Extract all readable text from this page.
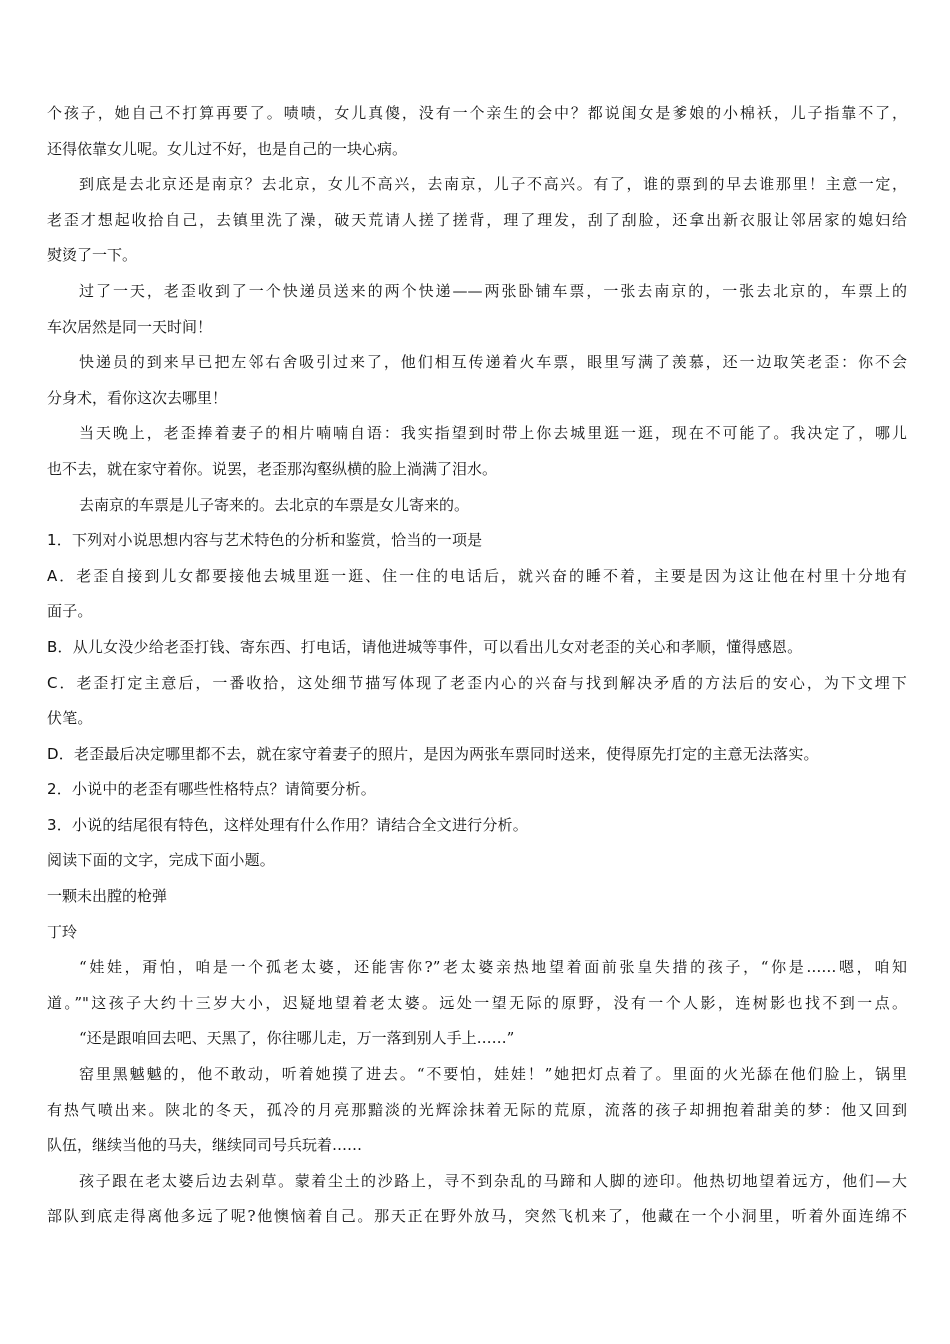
个孩子，她自己不打算再要了。啧啧，女儿真傻，没有一个亲生的会中？都说闺女是爹娘的小棉袄，儿子指靠不了，
还得依靠女儿呢。女儿过不好，也是自己的一块心病。
到底是去北京还是南京？去北京，女儿不高兴，去南京，儿子不高兴。有了，谁的票到的早去谁那里！主意一定，
老歪才想起收拾自己，去镇里洗了澡，破天荒请人搓了搓背，理了理发，刮了刮脸，还拿出新衣服让邻居家的媳妇给
熨烫了一下。
过了一天，老歪收到了一个快递员送来的两个快递——两张卧铺车票，一张去南京的，一张去北京的，车票上的
车次居然是同一天时间！
快递员的到来早已把左邻右舍吸引过来了，他们相互传递着火车票，眼里写满了羡慕，还一边取笑老歪：你不会
分身术，看你这次去哪里！
当天晚上，老歪捧着妻子的相片喃喃自语：我实指望到时带上你去城里逛一逛，现在不可能了。我决定了，哪儿
也不去，就在家守着你。说罢，老歪那沟壑纵横的脸上淌满了泪水。
去南京的车票是儿子寄来的。去北京的车票是女儿寄来的。
1．下列对小说思想内容与艺术特色的分析和鉴赏，恰当的一项是
A．老歪自接到儿女都要接他去城里逛一逛、住一住的电话后，就兴奋的睡不着，主要是因为这让他在村里十分地有
面子。
B．从儿女没少给老歪打钱、寄东西、打电话，请他进城等事件，可以看出儿女对老歪的关心和孝顺，懂得感恩。
C．老歪打定主意后，一番收拾，这处细节描写体现了老歪内心的兴奋与找到解决矛盾的方法后的安心，为下文埋下
伏笔。
D．老歪最后决定哪里都不去，就在家守着妻子的照片，是因为两张车票同时送来，使得原先打定的主意无法落实。
2．小说中的老歪有哪些性格特点？请简要分析。
3．小说的结尾很有特色，这样处理有什么作用？请结合全文进行分析。
阅读下面的文字，完成下面小题。
一颗未出膛的枪弹
丁玲
“娃娃，甭怕，咱是一个孤老太婆，还能害你?”老太婆亲热地望着面前张皇失措的孩子，“你是……嗯，咱知
道。”"这孩子大约十三岁大小，迟疑地望着老太婆。远处一望无际的原野，没有一个人影，连树影也找不到一点。
“还是跟咱回去吧、天黑了，你往哪儿走，万一落到别人手上……”
窑里黑魆魆的，他不敢动，听着她摸了进去。“不要怕，娃娃！”她把灯点着了。里面的火光舔在他们脸上，锅里
有热气喷出来。陕北的冬天，孤冷的月亮那黯淡的光辉涂抹着无际的荒原，流落的孩子却拥抱着甜美的梦：他又回到
队伍，继续当他的马夫，继续同司号兵玩着……
孩子跟在老太婆后边去剁草。蒙着尘土的沙路上，寻不到杂乱的马蹄和人脚的迹印。他热切地望着远方，他们—大
部队到底走得离他多远了呢?他懊恼着自己。那天正在野外放马，突然飞机来了，他藏在一个小洞里，听着外面连绵不
